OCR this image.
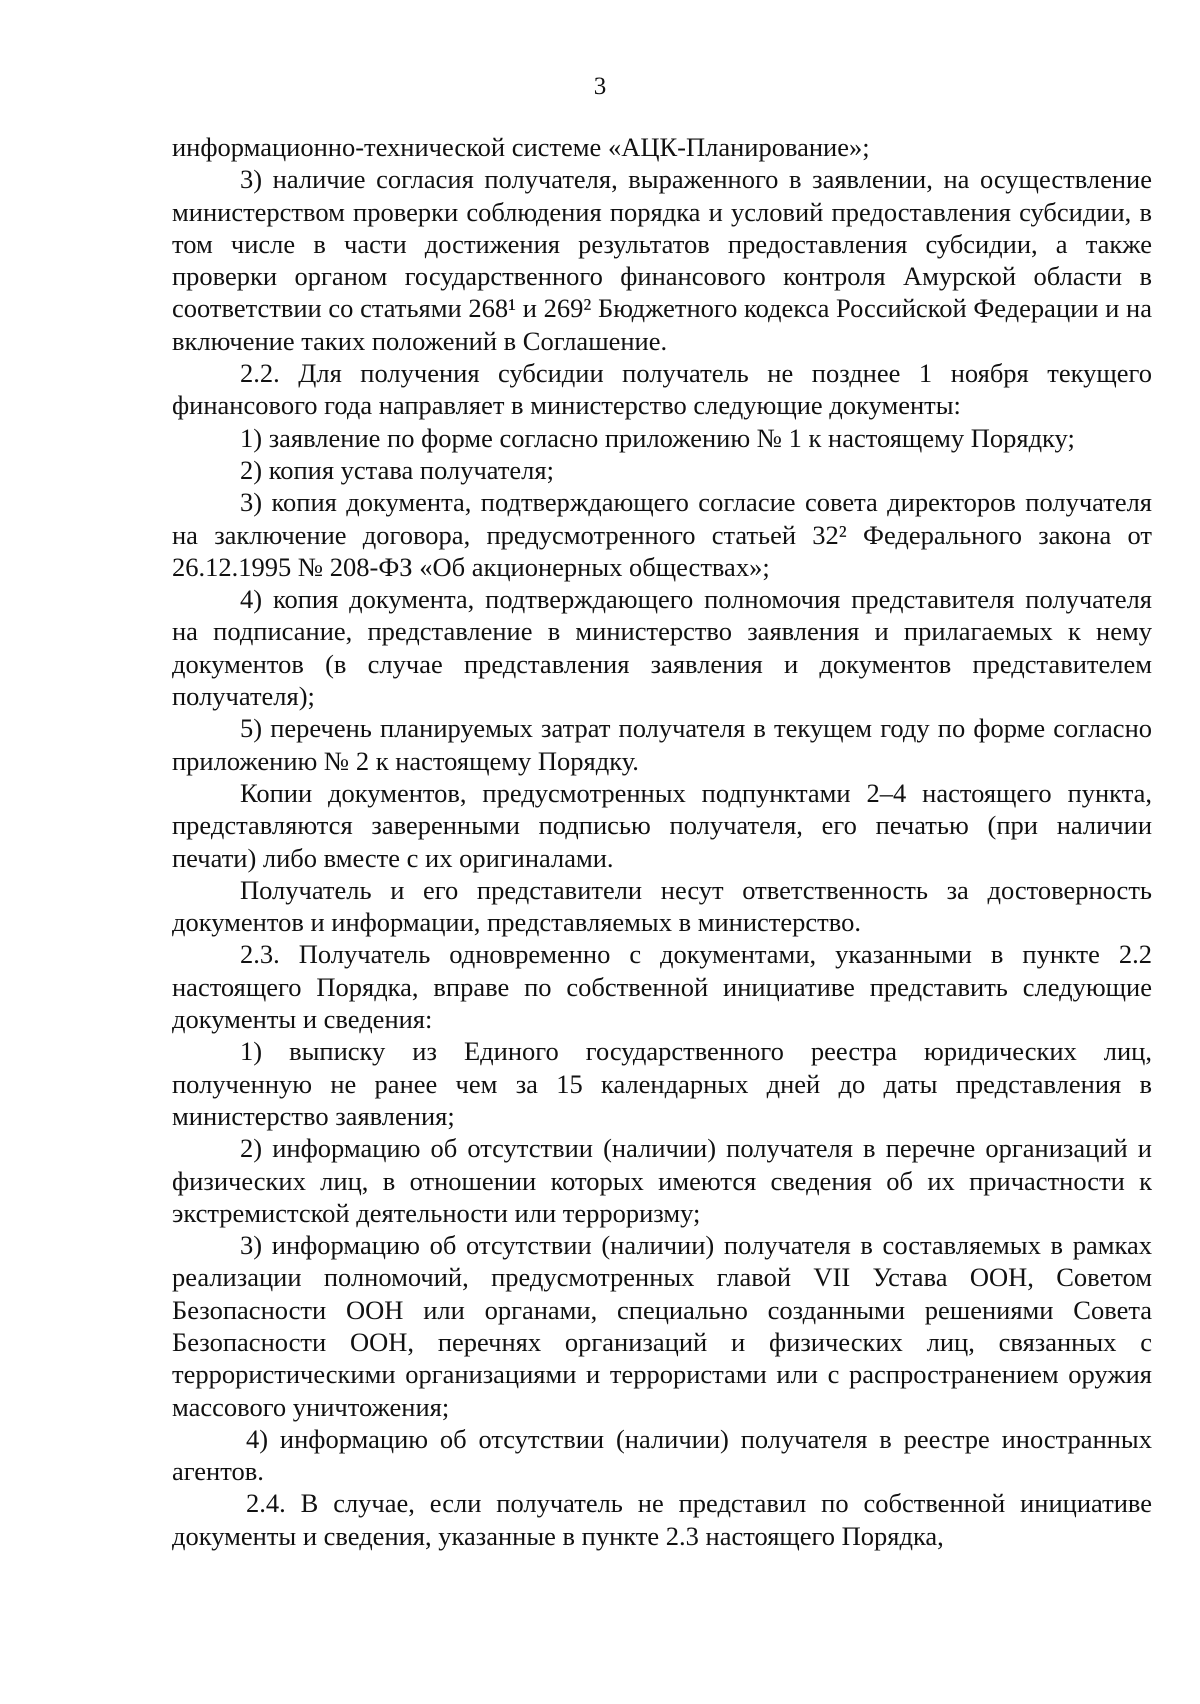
3

информационно-технической системе «АЦК-Планирование»;

3) наличие согласия получателя, выраженного в заявлении, на осуществление министерством проверки соблюдения порядка и условий предоставления субсидии, в том числе в части достижения результатов предоставления субсидии, а также проверки органом государственного финансового контроля Амурской области в соответствии со статьями 268¹ и 269² Бюджетного кодекса Российской Федерации и на включение таких положений в Соглашение.

2.2. Для получения субсидии получатель не позднее 1 ноября текущего финансового года направляет в министерство следующие документы:

1) заявление по форме согласно приложению № 1 к настоящему Порядку;

2) копия устава получателя;

3) копия документа, подтверждающего согласие совета директоров получателя на заключение договора, предусмотренного статьей 32² Федерального закона от 26.12.1995 № 208-ФЗ «Об акционерных обществах»;

4) копия документа, подтверждающего полномочия представителя получателя на подписание, представление в министерство заявления и прилагаемых к нему документов (в случае представления заявления и документов представителем получателя);

5) перечень планируемых затрат получателя в текущем году по форме согласно приложению № 2 к настоящему Порядку.

Копии документов, предусмотренных подпунктами 2–4 настоящего пункта, представляются заверенными подписью получателя, его печатью (при наличии печати) либо вместе с их оригиналами.

Получатель и его представители несут ответственность за достоверность документов и информации, представляемых в министерство.

2.3. Получатель одновременно с документами, указанными в пункте 2.2 настоящего Порядка, вправе по собственной инициативе представить следующие документы и сведения:

1) выписку из Единого государственного реестра юридических лиц, полученную не ранее чем за 15 календарных дней до даты представления в министерство заявления;

2) информацию об отсутствии (наличии) получателя в перечне организаций и физических лиц, в отношении которых имеются сведения об их причастности к экстремистской деятельности или терроризму;

3) информацию об отсутствии (наличии) получателя в составляемых в рамках реализации полномочий, предусмотренных главой VII Устава ООН, Советом Безопасности ООН или органами, специально созданными решениями Совета Безопасности ООН, перечнях организаций и физических лиц, связанных с террористическими организациями и террористами или с распространением оружия массового уничтожения;

4) информацию об отсутствии (наличии) получателя в реестре иностранных агентов.

2.4. В случае, если получатель не представил по собственной инициативе документы и сведения, указанные в пункте 2.3 настоящего Порядка,
